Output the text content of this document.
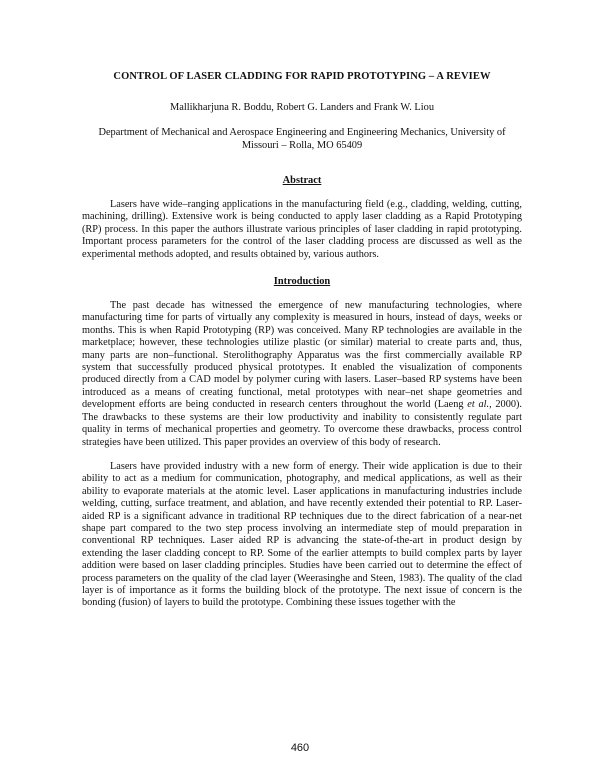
CONTROL OF LASER CLADDING FOR RAPID PROTOTYPING – A REVIEW
Mallikharjuna R. Boddu, Robert G. Landers and Frank W. Liou
Department of Mechanical and Aerospace Engineering and Engineering Mechanics, University of Missouri – Rolla, MO 65409
Abstract

Lasers have wide–ranging applications in the manufacturing field (e.g., cladding, welding, cutting, machining, drilling). Extensive work is being conducted to apply laser cladding as a Rapid Prototyping (RP) process. In this paper the authors illustrate various principles of laser cladding in rapid prototyping. Important process parameters for the control of the laser cladding process are discussed as well as the experimental methods adopted, and results obtained by, various authors.

Introduction

The past decade has witnessed the emergence of new manufacturing technologies, where manufacturing time for parts of virtually any complexity is measured in hours, instead of days, weeks or months. This is when Rapid Prototyping (RP) was conceived. Many RP technologies are available in the marketplace; however, these technologies utilize plastic (or similar) material to create parts and, thus, many parts are non–functional. Sterolithography Apparatus was the first commercially available RP system that successfully produced physical prototypes. It enabled the visualization of components produced directly from a CAD model by polymer curing with lasers. Laser–based RP systems have been introduced as a means of creating functional, metal prototypes with near–net shape geometries and development efforts are being conducted in research centers throughout the world (Laeng et al., 2000). The drawbacks to these systems are their low productivity and inability to consistently regulate part quality in terms of mechanical properties and geometry. To overcome these drawbacks, process control strategies have been utilized. This paper provides an overview of this body of research.

Lasers have provided industry with a new form of energy. Their wide application is due to their ability to act as a medium for communication, photography, and medical applications, as well as their ability to evaporate materials at the atomic level. Laser applications in manufacturing industries include welding, cutting, surface treatment, and ablation, and have recently extended their potential to RP. Laser-aided RP is a significant advance in traditional RP techniques due to the direct fabrication of a near-net shape part compared to the two step process involving an intermediate step of mould preparation in conventional RP techniques. Laser aided RP is advancing the state-of-the-art in product design by extending the laser cladding concept to RP. Some of the earlier attempts to build complex parts by layer addition were based on laser cladding principles. Studies have been carried out to determine the effect of process parameters on the quality of the clad layer (Weerasinghe and Steen, 1983). The quality of the clad layer is of importance as it forms the building block of the prototype. The next issue of concern is the bonding (fusion) of layers to build the prototype. Combining these issues together with the

460
